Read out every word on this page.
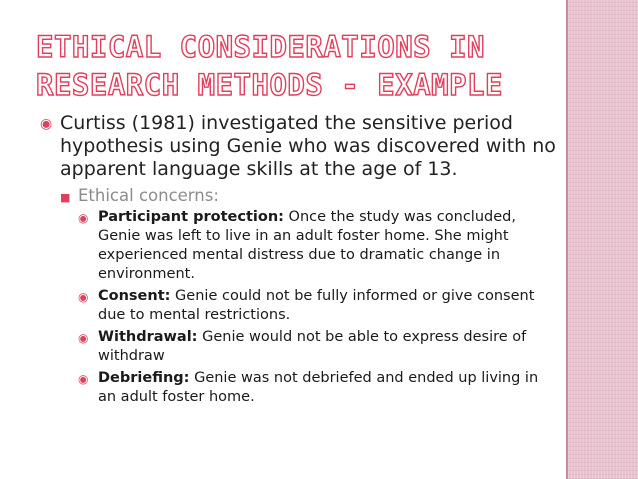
ETHICAL CONSIDERATIONS IN
RESEARCH METHODS - EXAMPLE
◉ Curtiss (1981) investigated the sensitive period hypothesis using Genie who was discovered with no apparent language skills at the age of 13.
■ Ethical concerns:
◉ Participant protection: Once the study was concluded, Genie was left to live in an adult foster home. She might experienced mental distress due to dramatic change in environment.
◉ Consent: Genie could not be fully informed or give consent due to mental restrictions.
◉ Withdrawal: Genie would not be able to express desire of withdraw
◉ Debriefing: Genie was not debriefed and ended up living in an adult foster home.
